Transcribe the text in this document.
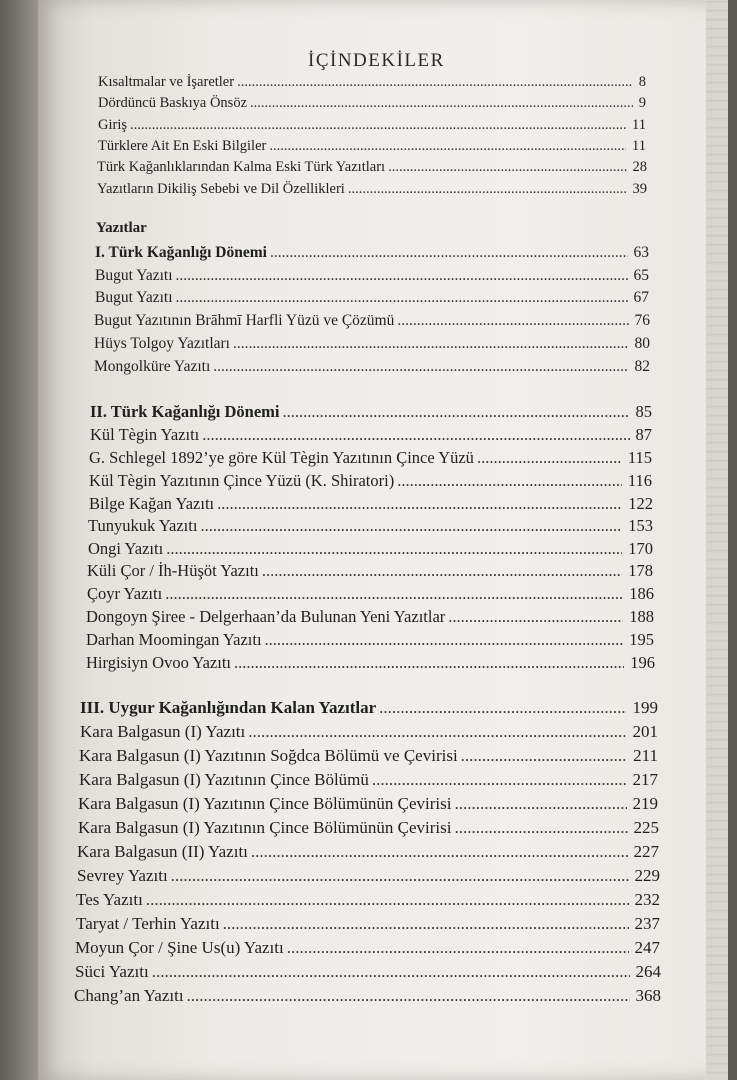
İÇİNDEKİLER
Kısaltmalar ve İşaretler .....	8
Dördüncü Baskıya Önsöz .....	9
Giriş .....	11
Türklere Ait En Eski Bilgiler .....	11
Türk Kağanlıklarından Kalma Eski Türk Yazıtları .....	28
Yazıtların Dikiliş Sebebi ve Dil Özellikleri .....	39
Yazıtlar
I. Türk Kağanlığı Dönemi .....	63
Bugut Yazıtı .....	65
Bugut Yazıtı .....	67
Bugut Yazıtının Brāhmī Harfli Yüzü ve Çözümü .....	76
Hüys Tolgoy Yazıtları .....	80
Mongolküre Yazıtı .....	82
II. Türk Kağanlığı Dönemi .....	85
Kül Tègin Yazıtı .....	87
G. Schlegel 1892’ye göre Kül Tègin Yazıtının Çince Yüzü .....	115
Kül Tègin Yazıtının Çince Yüzü (K. Shiratori) .....	116
Bilge Kağan Yazıtı .....	122
Tunyukuk Yazıtı .....	153
Ongi Yazıtı .....	170
Küli Çor / İh-Hüşöt Yazıtı .....	178
Çoyr Yazıtı .....	186
Dongoyn Şiree - Delgerhaan’da Bulunan Yeni Yazıtlar .....	188
Darhan Moomingan Yazıtı .....	195
Hirgisiyn Ovoo Yazıtı .....	196
III. Uygur Kağanlığından Kalan Yazıtlar .....	199
Kara Balgasun (I) Yazıtı .....	201
Kara Balgasun (I) Yazıtının Soğdca Bölümü ve Çevirisi .....	211
Kara Balgasun (I) Yazıtının Çince Bölümü .....	217
Kara Balgasun (I) Yazıtının Çince Bölümünün Çevirisi .....	219
Kara Balgasun (I) Yazıtının Çince Bölümünün Çevirisi .....	225
Kara Balgasun (II) Yazıtı .....	227
Sevrey Yazıtı .....	229
Tes Yazıtı .....	232
Taryat / Terhin Yazıtı .....	237
Moyun Çor / Şine Us(u) Yazıtı .....	247
Süci Yazıtı .....	264
Chang’an Yazıtı .....	368
